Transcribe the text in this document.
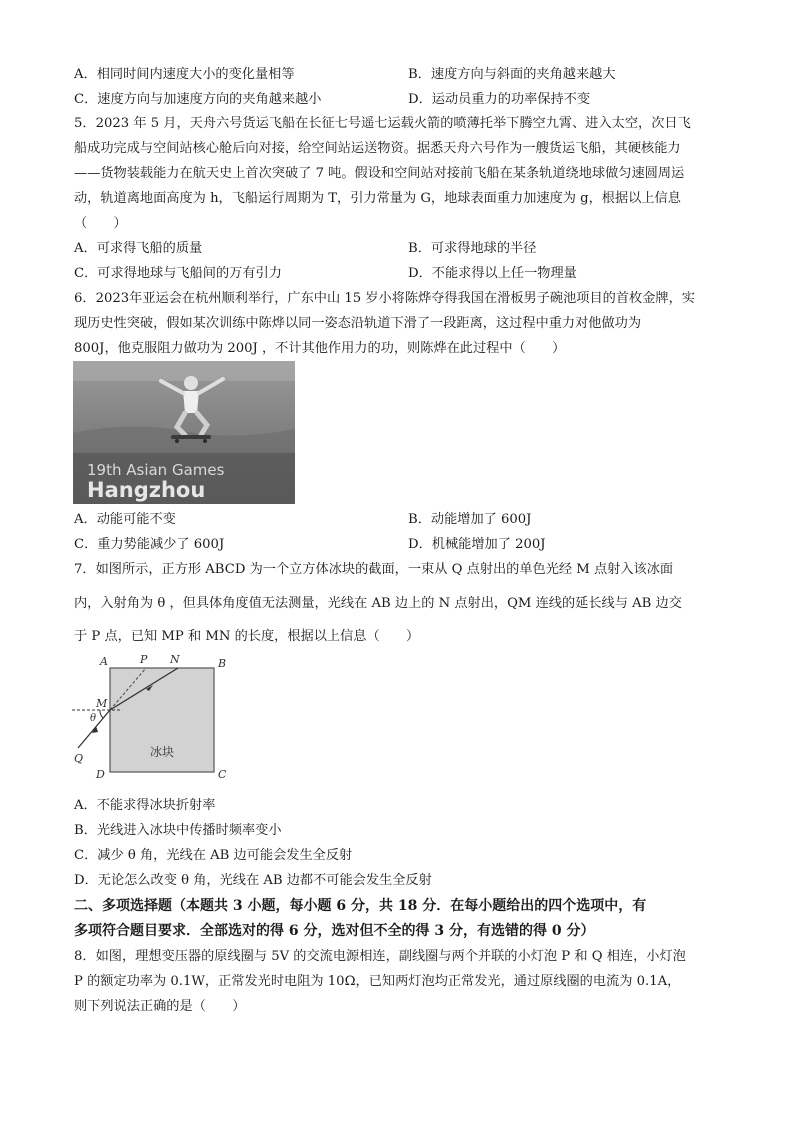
A．相同时间内速度大小的变化量相等	B．速度方向与斜面的夹角越来越大
C．速度方向与加速度方向的夹角越来越小	D．运动员重力的功率保持不变
5．2023 年 5 月，天舟六号货运飞船在长征七号遥七运载火箭的喷薄托举下腾空九霄、进入太空，次日飞
船成功完成与空间站核心舱后向对接，给空间站运送物资。据悉天舟六号作为一艘货运飞船，其硬核能力
——货物装载能力在航天史上首次突破了 7 吨。假设和空间站对接前飞船在某条轨道绕地球做匀速圆周运
动，轨道离地面高度为 h，飞船运行周期为 T，引力常量为 G，地球表面重力加速度为 g，根据以上信息
（　　）
A．可求得飞船的质量	B．可求得地球的半径
C．可求得地球与飞船间的万有引力	D．不能求得以上任一物理量
6．2023年亚运会在杭州顺利举行，广东中山 15 岁小将陈烨夺得我国在滑板男子碗池项目的首枚金牌，实
现历史性突破，假如某次训练中陈烨以同一姿态沿轨道下滑了一段距离，这过程中重力对他做功为
800J，他克服阻力做功为 200J ，不计其他作用力的功，则陈烨在此过程中（　　）
19th Asian Games
Hangzhou
A．动能可能不变	B．动能增加了 600J
C．重力势能减少了 600J	D．机械能增加了 200J
7．如图所示，正方形 ABCD 为一个立方体冰块的截面，一束从 Q 点射出的单色光经 M 点射入该冰面
内，入射角为 θ ，但具体角度值无法测量，光线在 AB 边上的 N 点射出，QM 连线的延长线与 AB 边交
于 P 点，已知 MP 和 MN 的长度，根据以上信息（　　）
A	P N	B
M
θ
冰块
Q
D	C
A．不能求得冰块折射率
B．光线进入冰块中传播时频率变小
C．减少 θ 角，光线在 AB 边可能会发生全反射
D．无论怎么改变 θ 角，光线在 AB 边都不可能会发生全反射
二、多项选择题（本题共 3 小题，每小题 6 分，共 18 分．在每小题给出的四个选项中，有
多项符合题目要求．全部选对的得 6 分，选对但不全的得 3 分，有选错的得 0 分）
8．如图，理想变压器的原线圈与 5V 的交流电源相连，副线圈与两个并联的小灯泡 P 和 Q 相连，小灯泡
P 的额定功率为 0.1W，正常发光时电阻为 10Ω，已知两灯泡均正常发光，通过原线圈的电流为 0.1A，
则下列说法正确的是（　　）
